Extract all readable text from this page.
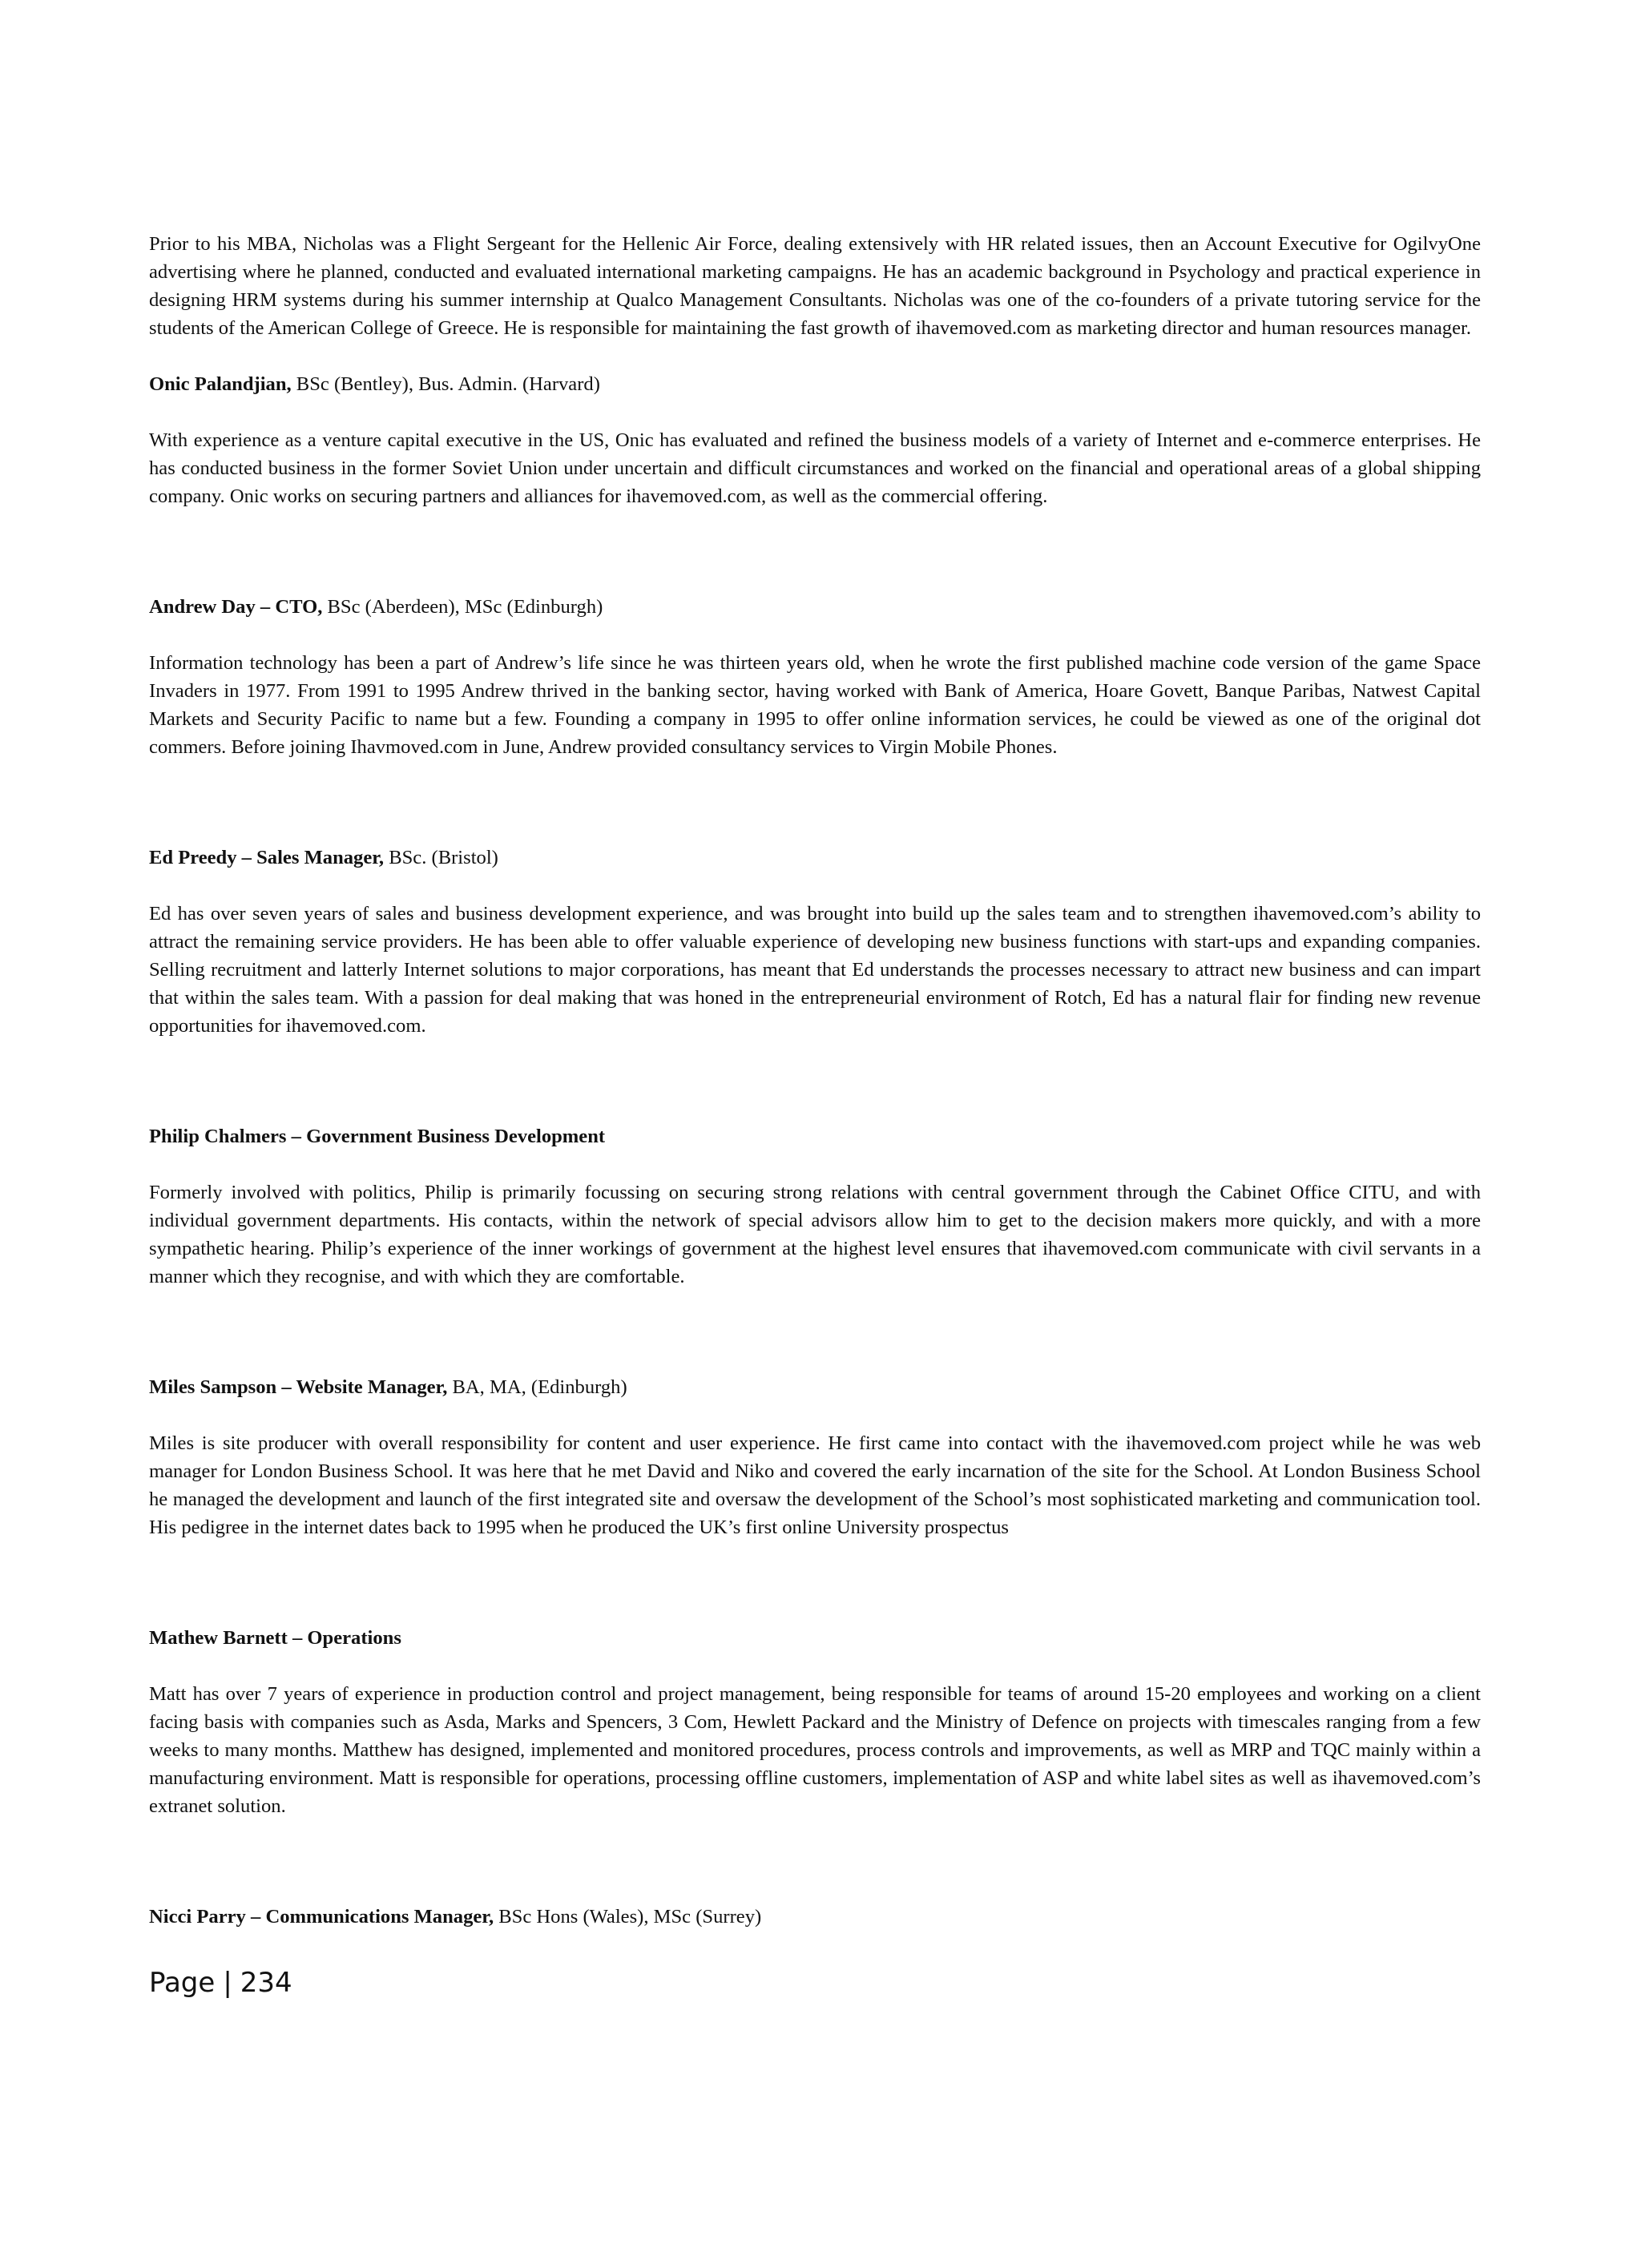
Prior to his MBA, Nicholas was a Flight Sergeant for the Hellenic Air Force, dealing extensively with HR related issues, then an Account Executive for OgilvyOne advertising where he planned, conducted and evaluated international marketing campaigns. He has an academic background in Psychology and practical experience in designing HRM systems during his summer internship at Qualco Management Consultants. Nicholas was one of the co-founders of a private tutoring service for the students of the American College of Greece. He is responsible for maintaining the fast growth of ihavemoved.com as marketing director and human resources manager.

Onic Palandjian, BSc (Bentley), Bus. Admin. (Harvard)

With experience as a venture capital executive in the US, Onic has evaluated and refined the business models of a variety of Internet and e-commerce enterprises. He has conducted business in the former Soviet Union under uncertain and difficult circumstances and worked on the financial and operational areas of a global shipping company. Onic works on securing partners and alliances for ihavemoved.com, as well as the commercial offering.

Andrew Day – CTO, BSc (Aberdeen), MSc (Edinburgh)

Information technology has been a part of Andrew’s life since he was thirteen years old, when he wrote the first published machine code version of the game Space Invaders in 1977. From 1991 to 1995 Andrew thrived in the banking sector, having worked with Bank of America, Hoare Govett, Banque Paribas, Natwest Capital Markets and Security Pacific to name but a few. Founding a company in 1995 to offer online information services, he could be viewed as one of the original dot commers. Before joining Ihavmoved.com in June, Andrew provided consultancy services to Virgin Mobile Phones.

Ed Preedy – Sales Manager, BSc. (Bristol)

Ed has over seven years of sales and business development experience, and was brought into build up the sales team and to strengthen ihavemoved.com’s ability to attract the remaining service providers. He has been able to offer valuable experience of developing new business functions with start-ups and expanding companies. Selling recruitment and latterly Internet solutions to major corporations, has meant that Ed understands the processes necessary to attract new business and can impart that within the sales team. With a passion for deal making that was honed in the entrepreneurial environment of Rotch, Ed has a natural flair for finding new revenue opportunities for ihavemoved.com.

Philip Chalmers – Government Business Development

Formerly involved with politics, Philip is primarily focussing on securing strong relations with central government through the Cabinet Office CITU, and with individual government departments. His contacts, within the network of special advisors allow him to get to the decision makers more quickly, and with a more sympathetic hearing. Philip’s experience of the inner workings of government at the highest level ensures that ihavemoved.com communicate with civil servants in a manner which they recognise, and with which they are comfortable.

Miles Sampson – Website Manager, BA, MA, (Edinburgh)

Miles is site producer with overall responsibility for content and user experience. He first came into contact with the ihavemoved.com project while he was web manager for London Business School. It was here that he met David and Niko and covered the early incarnation of the site for the School. At London Business School he managed the development and launch of the first integrated site and oversaw the development of the School’s most sophisticated marketing and communication tool. His pedigree in the internet dates back to 1995 when he produced the UK’s first online University prospectus

Mathew Barnett – Operations

Matt has over 7 years of experience in production control and project management, being responsible for teams of around 15-20 employees and working on a client facing basis with companies such as Asda, Marks and Spencers, 3 Com, Hewlett Packard and the Ministry of Defence on projects with timescales ranging from a few weeks to many months. Matthew has designed, implemented and monitored procedures, process controls and improvements, as well as MRP and TQC mainly within a manufacturing environment. Matt is responsible for operations, processing offline customers, implementation of ASP and white label sites as well as ihavemoved.com’s extranet solution.

Nicci Parry – Communications Manager, BSc Hons (Wales), MSc (Surrey)

Page | 234
